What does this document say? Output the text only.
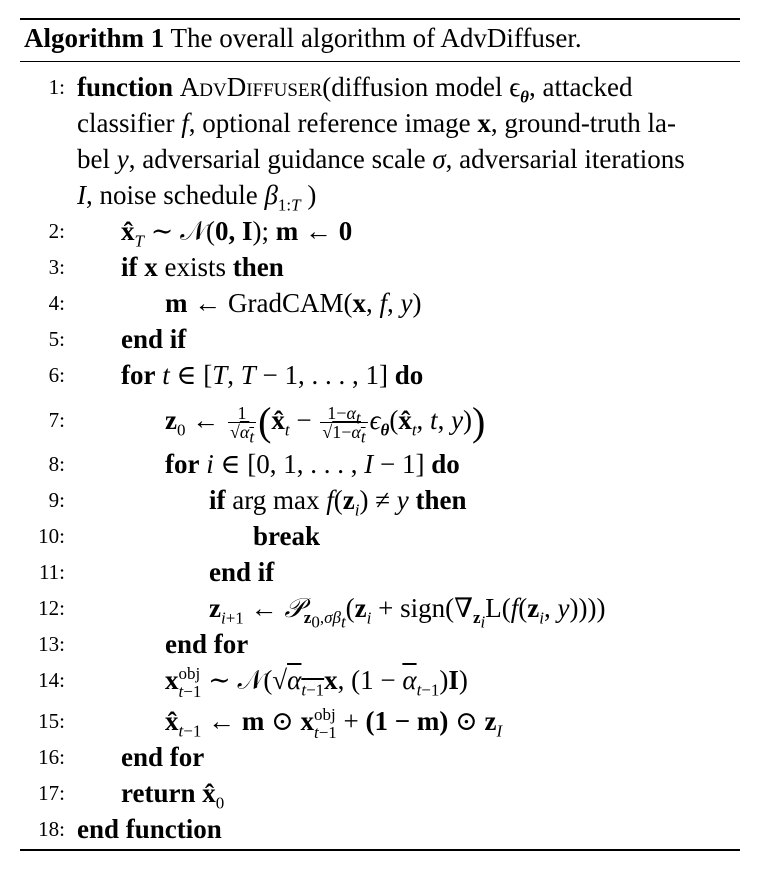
Algorithm 1 The overall algorithm of AdvDiffuser.
1: function AdvDiffuser(diffusion model $\epsilon_\theta$, attacked
classifier f, optional reference image x, ground-truth la-
bel y, adversarial guidance scale σ, adversarial iterations
I, noise schedule $\beta_{1:T}$ )
2: $x̂_T$ ∼ 𝒩(0, I); m ← 0
3: if x exists then
4:	m ← GradCAM(x, f, y)
5: end if
6: for t ∈ [T, T − 1, . . . , 1] do
7:	$z_0$ ← $\frac{1}{√\alpha_t}$ ($x̂_t - \frac{1-\alpha_t}{√1-\alpha_t}$ $\epsilon_\theta(x̂_t$, t, y))
8:	for i ∈ [0, 1, . . . , I − 1] do
9:	if arg $\max f(z_i) \ne y$ then
10:	break
11:	end if
12:	$z_{i+1}$ ← $𝒫_{z_0,\sigma\beta_t}(z_i$ + $sign(\nabla_{z_i}L(f(z_i$, y))))
13:	end for
14:	x obj
t−1 ∼ $𝒩(√\alpha_{t-1}x$, $(1 - \overline{\alpha}_{t-1})I$)
15:	$x̂_{t-1}$ ← m ⊙ x obj
t−1 + (1 − m) ⊙ $z_I$
16: end for
17: return $x̂_0$
18: end function
